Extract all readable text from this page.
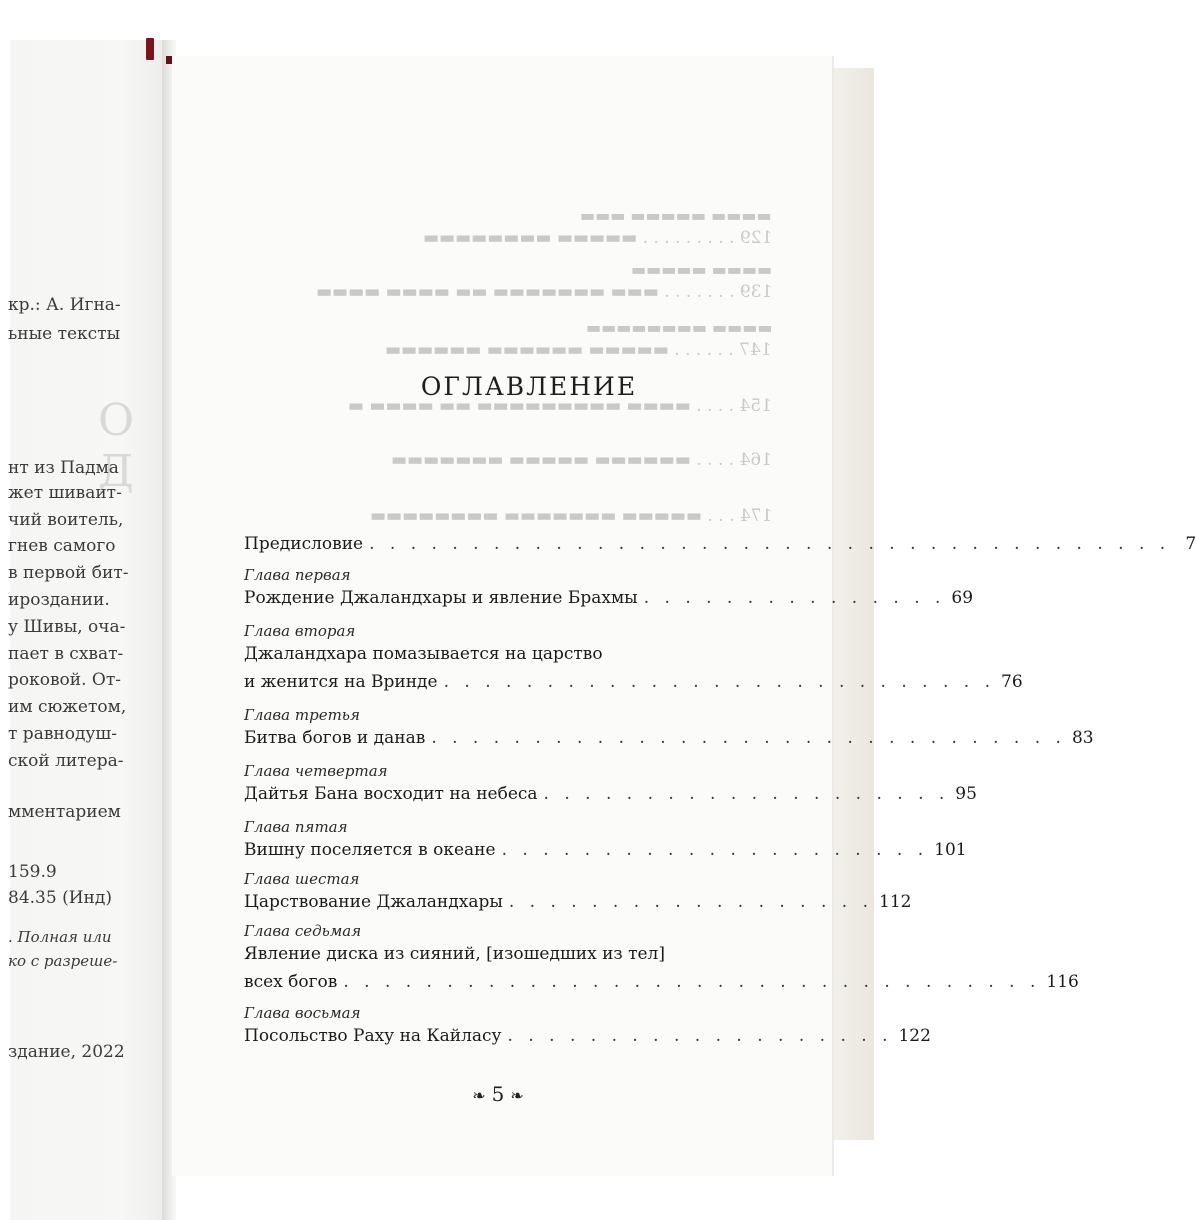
О Д
кр.: А. Игна-
ьные тексты
нт из Падма
жет шиваит-
чий воитель,
гнев самого
в первой бит-
ироздании.
у Шивы, оча-
пает в схват-
роковой. От-
им сюжетом,
т равнодуш-
ской литера-
мментарием
159.9
84.35 (Инд)
. Полная или
ко с разреше-
здание, 2022
▬▬▬▬ ▬▬▬▬▬ ▬▬▬
129 . . . . . . . . . ▬▬▬▬▬ ▬▬▬▬▬▬▬▬
▬▬▬▬ ▬▬▬▬▬
139 . . . . . . . ▬▬▬ ▬▬▬▬▬▬▬ ▬▬ ▬▬▬▬ ▬▬▬▬
▬▬▬▬ ▬▬▬▬▬▬▬▬
147 . . . . . . ▬▬▬▬▬ ▬▬▬▬▬▬ ▬▬▬▬▬▬
154 . . . . ▬▬▬▬ ▬▬▬▬▬▬▬▬▬ ▬▬ ▬▬▬▬ ▬
164 . . . . ▬▬▬▬▬▬ ▬▬▬▬▬ ▬▬▬▬▬▬▬
174 . . . ▬▬▬▬▬ ▬▬▬▬▬▬▬ ▬▬▬▬▬▬▬▬
ОГЛАВЛЕНИЕ
Предисловие . . . . . . . . . . . . . . . . . . . . . . . . . . . . . . . . . . . . . . . 7
Глава первая
Рождение Джаландхары и явление Брахмы . . . . . . . . . . . . . . . 69
Глава вторая
Джаландхара помазывается на царство
и женится на Вринде . . . . . . . . . . . . . . . . . . . . . . . . . . . 76
Глава третья
Битва богов и данав . . . . . . . . . . . . . . . . . . . . . . . . . . . . . . . 83
Глава четвертая
Дайтья Бана восходит на небеса . . . . . . . . . . . . . . . . . . . . 95
Глава пятая
Вишну поселяется в океане . . . . . . . . . . . . . . . . . . . . . 101
Глава шестая
Царствование Джаландхары . . . . . . . . . . . . . . . . . . 112
Глава седьмая
Явление диска из сияний, [изошедших из тел]
всех богов . . . . . . . . . . . . . . . . . . . . . . . . . . . . . . . . . . 116
Глава восьмая
Посольство Раху на Кайласу . . . . . . . . . . . . . . . . . . . 122
❧ 5 ❧
